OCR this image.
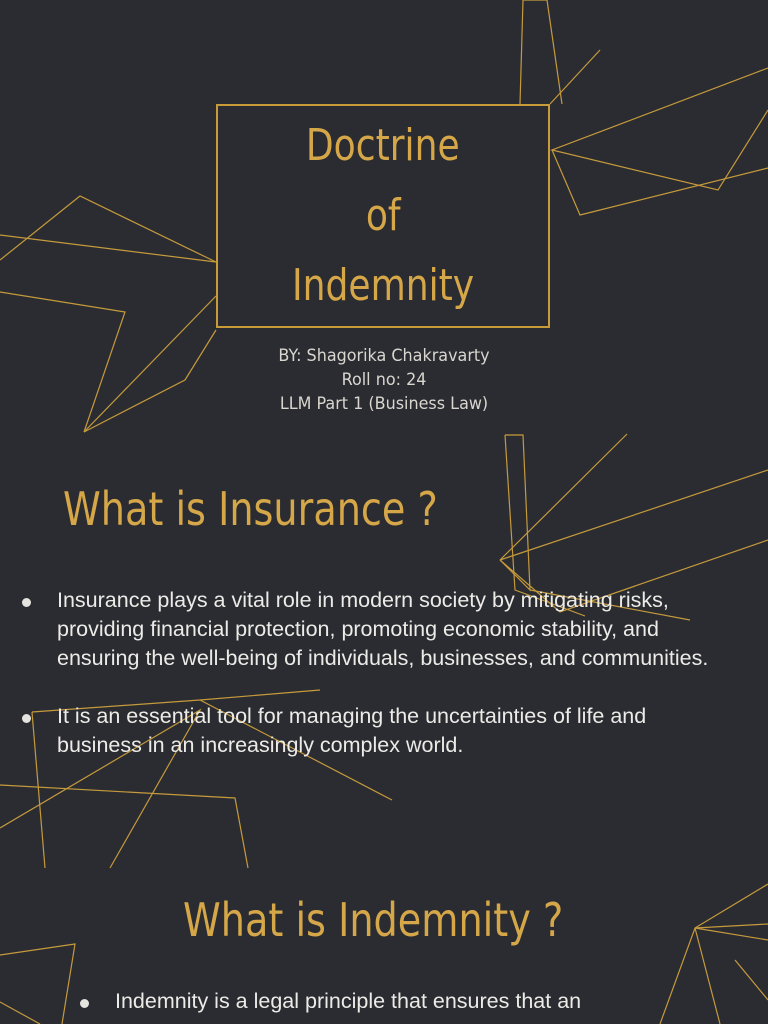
Doctrine
of
Indemnity
BY: Shagorika Chakravarty
Roll no: 24
LLM Part 1 (Business Law)
What is Insurance ?
Insurance plays a vital role in modern society by mitigating risks, providing financial protection, promoting economic stability, and ensuring the well-being of individuals, businesses, and communities.
It is an essential tool for managing the uncertainties of life and business in an increasingly complex world.
What is Indemnity ?
Indemnity is a legal principle that ensures that an
